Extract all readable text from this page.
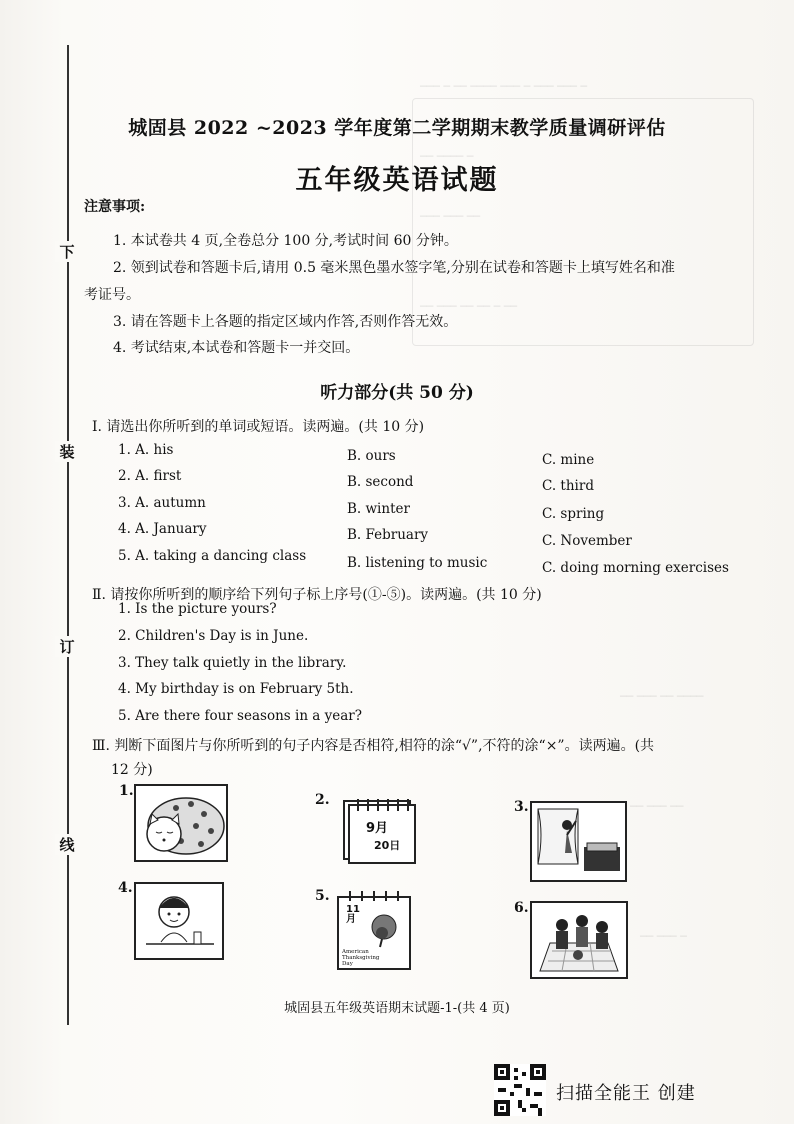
─── ─ ── ──── ─── ─ ─── ─── ─
── ──── ─
─── ─── ──
── ─── ── ── ─ ──
── ─── ── ────
── ─── ──
── ─── ─
下
装
订
线
城固县 2022 ~2023 学年度第二学期期末教学质量调研评估
五年级英语试题
注意事项:
1. 本试卷共 4 页,全卷总分 100 分,考试时间 60 分钟。
2. 领到试卷和答题卡后,请用 0.5 毫米黑色墨水签字笔,分别在试卷和答题卡上填写姓名和准
考证号。
3. 请在答题卡上各题的指定区域内作答,否则作答无效。
4. 考试结束,本试卷和答题卡一并交回。
听力部分(共 50 分)
Ⅰ. 请选出你所听到的单词或短语。读两遍。(共 10 分)
1. A. his	B. ours	C. mine
2. A. first	B. second	C. third
3. A. autumn	B. winter	C. spring
4. A. January	B. February	C. November
5. A. taking a dancing class	B. listening to music	C. doing morning exercises
Ⅱ. 请按你所听到的顺序给下列句子标上序号(①-⑤)。读两遍。(共 10 分)
1. Is the picture yours?
2. Children's Day is in June.
3. They talk quietly in the library.
4. My birthday is on February 5th.
5. Are there four seasons in a year?
Ⅲ. 判断下面图片与你所听到的句子内容是否相符,相符的涂“√”,不符的涂“×”。读两遍。(共
12 分)
1.
2.
9月
20日
3.
4.	5.
11月
American Thanksgiving Day
6.
城固县五年级英语期末试题-1-(共 4 页)
扫描全能王 创建
